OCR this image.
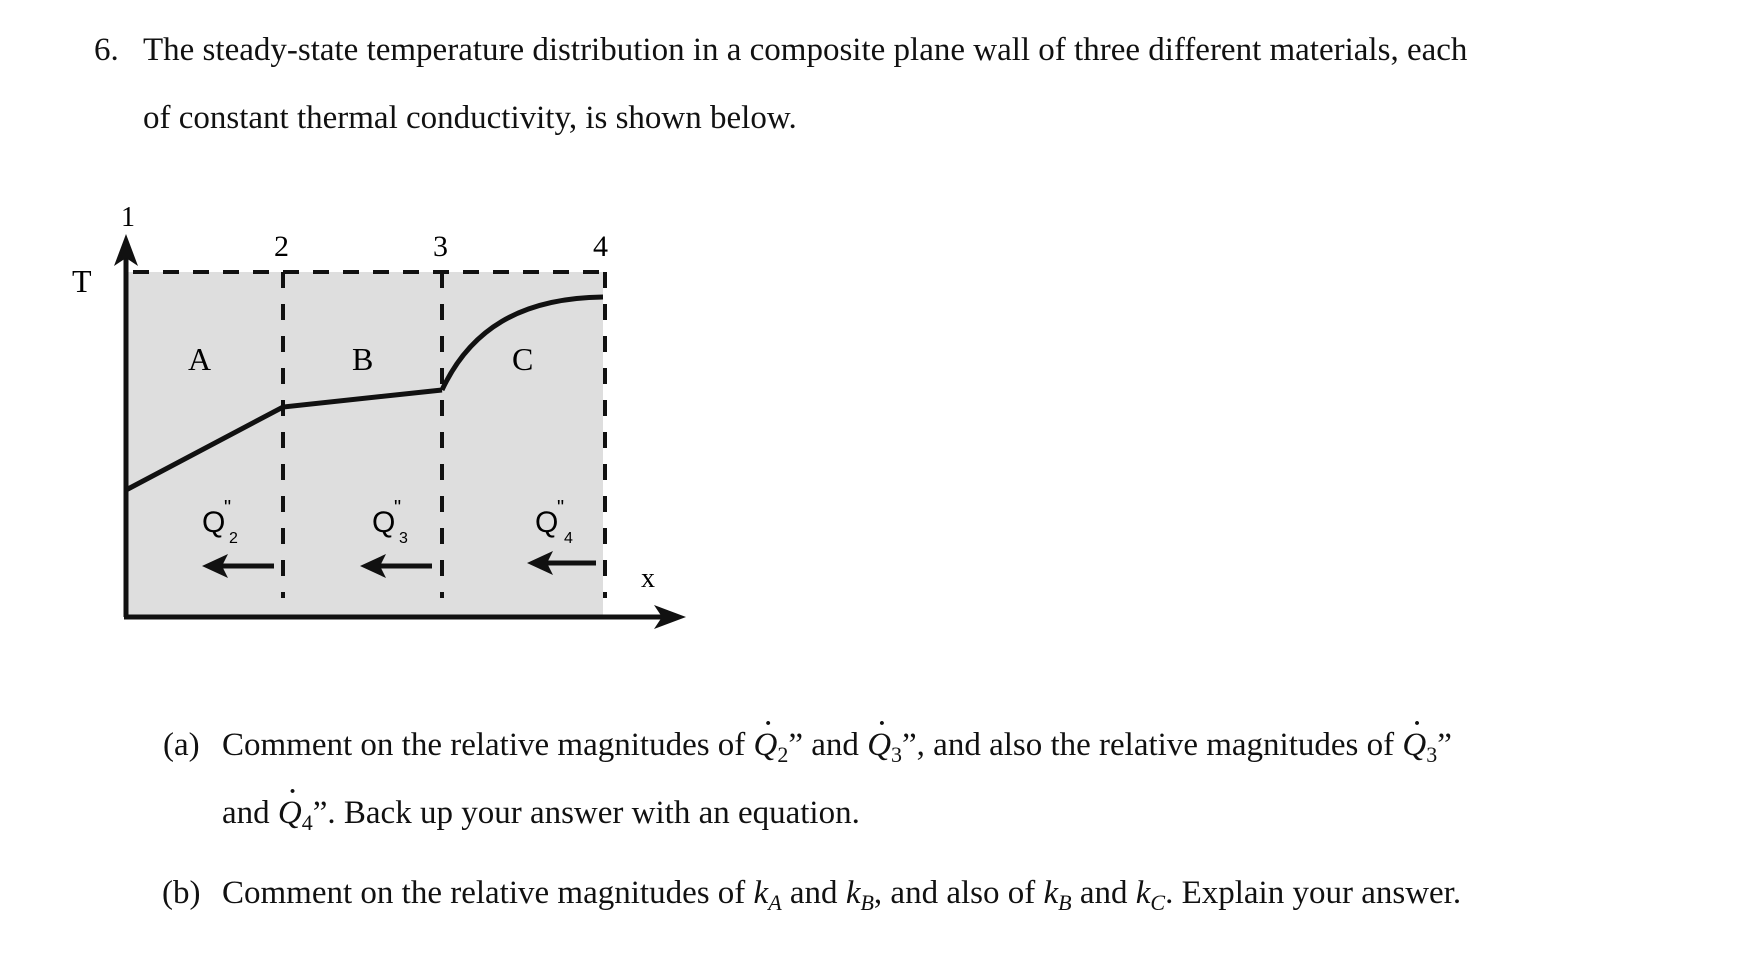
6. The steady-state temperature distribution in a composite plane wall of three different materials, each
of constant thermal conductivity, is shown below.
T
x
1
2	3	4
A	B	C
Q
"
2	Q
"
3	Q
"
4
(a) Comment on the relative magnitudes of · $Q_2$” and · $Q_3$”, and also the relative magnitudes of · $Q_3$”
and · $Q_4$”. Back up your answer with an equation.
(b) Comment on the relative magnitudes of $k_A$ and $k_B$, and also of $k_B$ and $k_C$. Explain your answer.
